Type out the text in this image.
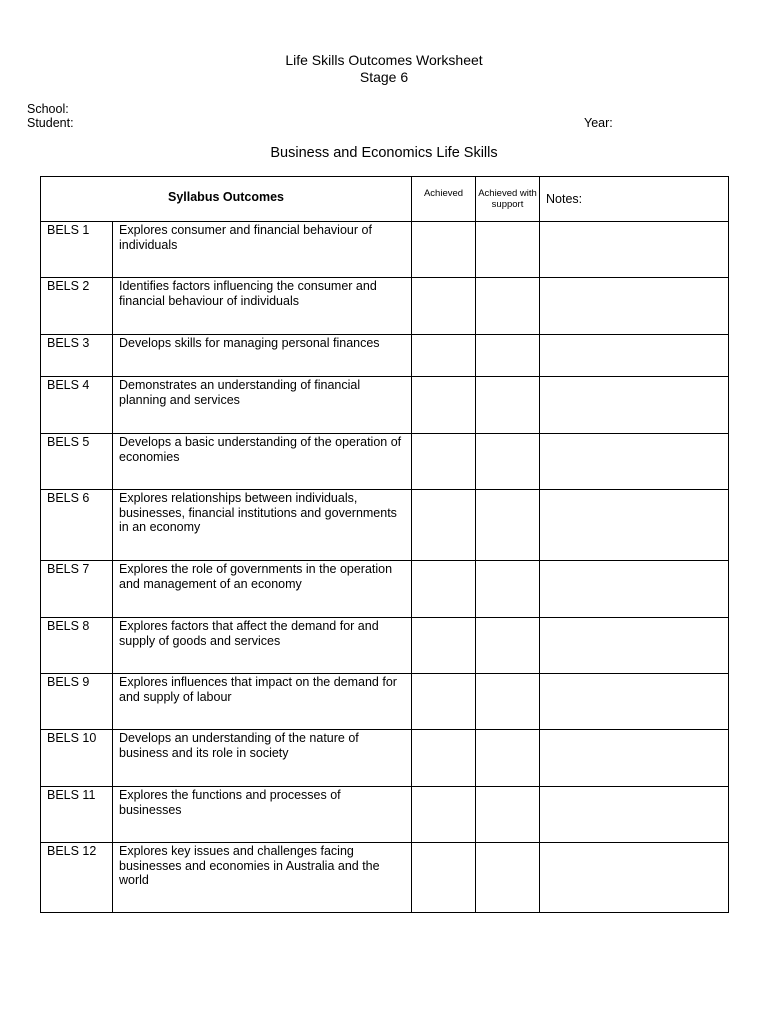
Life Skills Outcomes Worksheet
Stage 6
School:
Student:	Year:
Business and Economics Life Skills
Syllabus Outcomes		Achieved	Achieved with support	Notes:
BELS 1	Explores consumer and financial behaviour of individuals			
BELS 2	Identifies factors influencing the consumer and financial behaviour of individuals			
BELS 3	Develops skills for managing personal finances			
BELS 4	Demonstrates an understanding of financial planning and services			
BELS 5	Develops a basic understanding of the operation of economies			
BELS 6	Explores relationships between individuals, businesses, financial institutions and governments in an economy			
BELS 7	Explores the role of governments in the operation and management of an economy			
BELS 8	Explores factors that affect the demand for and supply of goods and services			
BELS 9	Explores influences that impact on the demand for and supply of labour			
BELS 10	Develops an understanding of the nature of business and its role in society			
BELS 11	Explores the functions and processes of businesses			
BELS 12	Explores key issues and challenges facing businesses and economies in Australia and the world			
